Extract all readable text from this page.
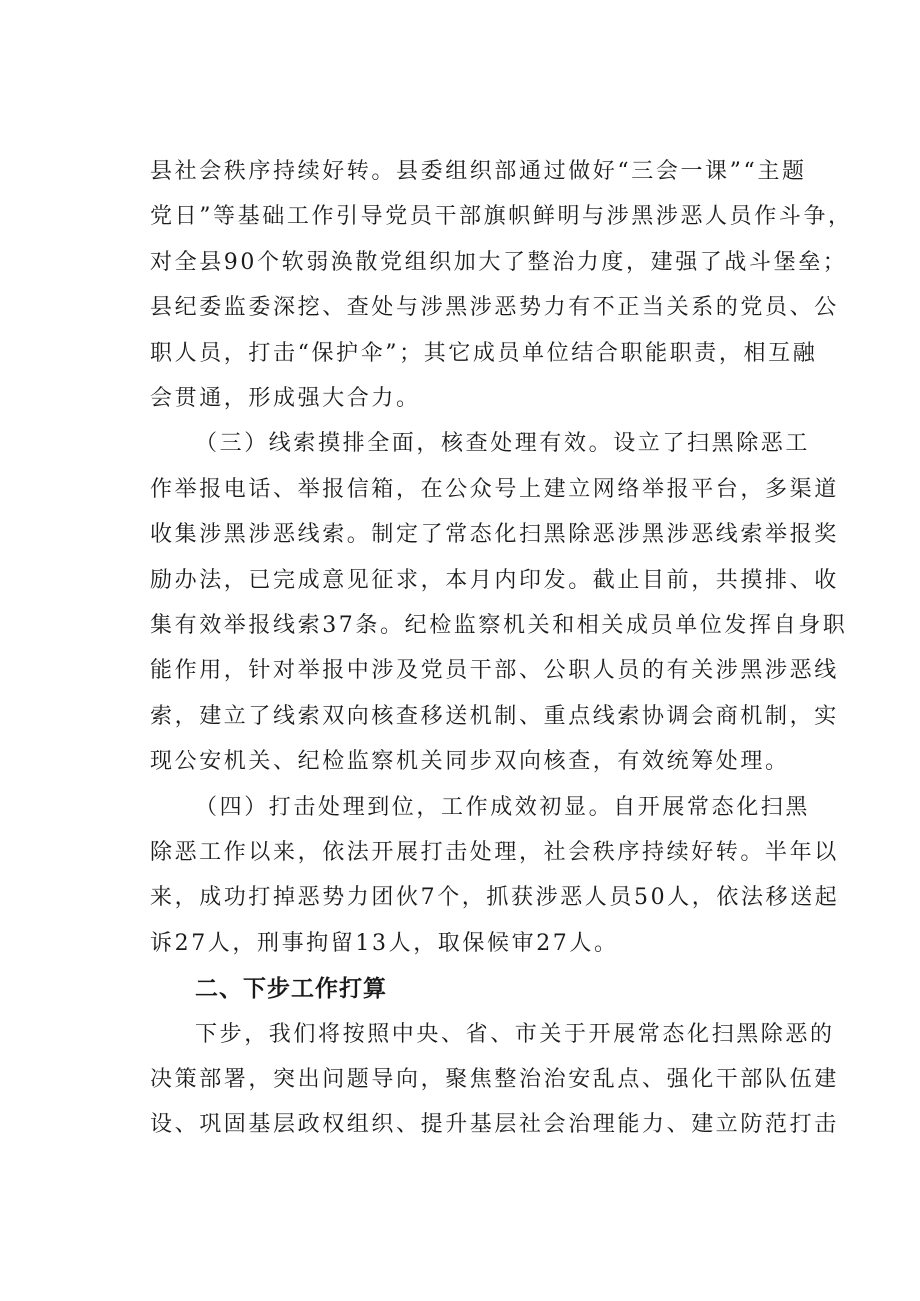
县社会秩序持续好转。县委组织部通过做好“三会一课”“主题
党日”等基础工作引导党员干部旗帜鲜明与涉黑涉恶人员作斗争，
对全县90个软弱涣散党组织加大了整治力度，建强了战斗堡垒；
县纪委监委深挖、查处与涉黑涉恶势力有不正当关系的党员、公
职人员，打击“保护伞”；其它成员单位结合职能职责，相互融
会贯通，形成强大合力。
（三）线索摸排全面，核查处理有效。设立了扫黑除恶工
作举报电话、举报信箱，在公众号上建立网络举报平台，多渠道
收集涉黑涉恶线索。制定了常态化扫黑除恶涉黑涉恶线索举报奖
励办法，已完成意见征求，本月内印发。截止目前，共摸排、收
集有效举报线索37条。纪检监察机关和相关成员单位发挥自身职
能作用，针对举报中涉及党员干部、公职人员的有关涉黑涉恶线
索，建立了线索双向核查移送机制、重点线索协调会商机制，实
现公安机关、纪检监察机关同步双向核查，有效统筹处理。
（四）打击处理到位，工作成效初显。自开展常态化扫黑
除恶工作以来，依法开展打击处理，社会秩序持续好转。半年以
来，成功打掉恶势力团伙7个，抓获涉恶人员50人，依法移送起
诉27人，刑事拘留13人，取保候审27人。
二、下步工作打算
下步，我们将按照中央、省、市关于开展常态化扫黑除恶的
决策部署，突出问题导向，聚焦整治治安乱点、强化干部队伍建
设、巩固基层政权组织、提升基层社会治理能力、建立防范打击
